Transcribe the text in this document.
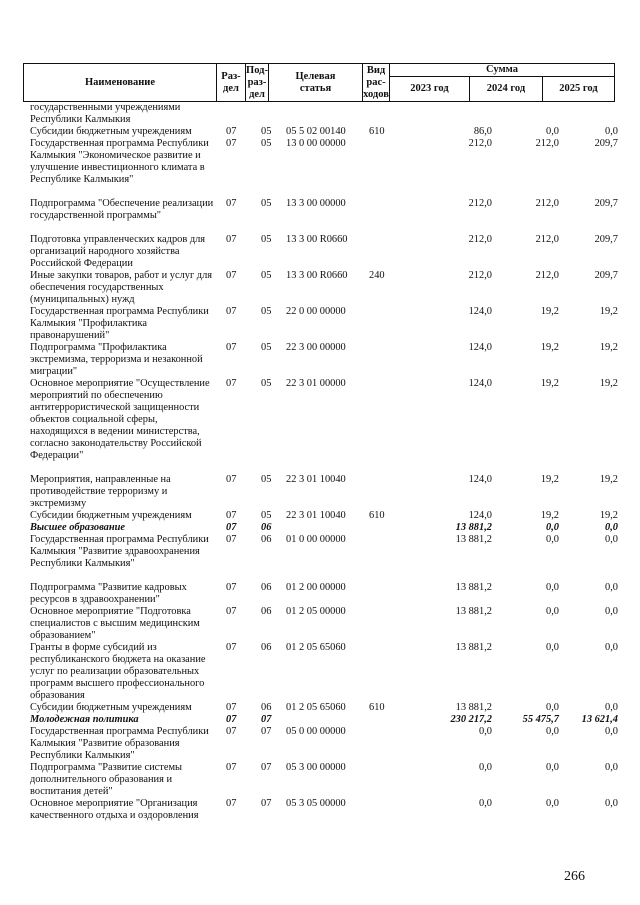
Наименование
Раз-
дел
Под-
раз-
дел
Целевая
статья
Вид
рас-
ходов
Сумма
2023 год	2024 год	2025 год
государственными учреждениями Республики Калмыкия
Субсидии бюджетным учреждениям	07	05	05 5 02 00140	610	86,0	0,0	0,0
Государственная программа Республики Калмыкия "Экономическое развитие и улучшение инвестиционного климата в Республике Калмыкия"
07	05	13 0 00 00000	212,0	212,0	209,7
Подпрограмма "Обеспечение реализации государственной программы"
07	05	13 3 00 00000	212,0	212,0	209,7
Подготовка управленческих кадров для организаций народного хозяйства Российской Федерации
07	05	13 3 00 R0660	212,0	212,0	209,7
Иные закупки товаров, работ и услуг для обеспечения государственных (муниципальных) нужд
07	05	13 3 00 R0660	240	212,0	212,0	209,7
Государственная программа Республики Калмыкия "Профилактика правонарушений"
07	05	22 0 00 00000	124,0	19,2	19,2
Подпрограмма "Профилактика экстремизма, терроризма и незаконной миграции"
07	05	22 3 00 00000	124,0	19,2	19,2
Основное мероприятие "Осуществление мероприятий по обеспечению антитеррористической защищенности объектов социальной сферы, находящихся в ведении министерства, согласно законодательству Российской Федерации"
07	05	22 3 01 00000	124,0	19,2	19,2
Мероприятия, направленные на противодействие терроризму и экстремизму
07	05	22 3 01 10040	124,0	19,2	19,2
Субсидии бюджетным учреждениям	07	05	22 3 01 10040	610	124,0	19,2	19,2
Высшее образование	07	06	13 881,2	0,0	0,0
Государственная программа Республики Калмыкия "Развитие здравоохранения Республики Калмыкия"
07	06	01 0 00 00000	13 881,2	0,0	0,0
Подпрограмма "Развитие кадровых ресурсов в здравоохранении"
07	06	01 2 00 00000	13 881,2	0,0	0,0
Основное мероприятие "Подготовка специалистов с высшим медицинским образованием"
07	06	01 2 05 00000	13 881,2	0,0	0,0
Гранты в форме субсидий из республиканского бюджета на оказание услуг по реализации образовательных программ высшего профессионального образования
07	06	01 2 05 65060	13 881,2	0,0	0,0
Субсидии бюджетным учреждениям	07	06	01 2 05 65060	610	13 881,2	0,0	0,0
Молодежная политика	07	07	230 217,2	55 475,7	13 621,4
Государственная программа Республики Калмыкия "Развитие образования Республики Калмыкия"
07	07	05 0 00 00000	0,0	0,0	0,0
Подпрограмма "Развитие системы дополнительного образования и воспитания детей"
07	07	05 3 00 00000	0,0	0,0	0,0
Основное мероприятие "Организация качественного отдыха и оздоровления
07	07	05 3 05 00000	0,0	0,0	0,0
266
